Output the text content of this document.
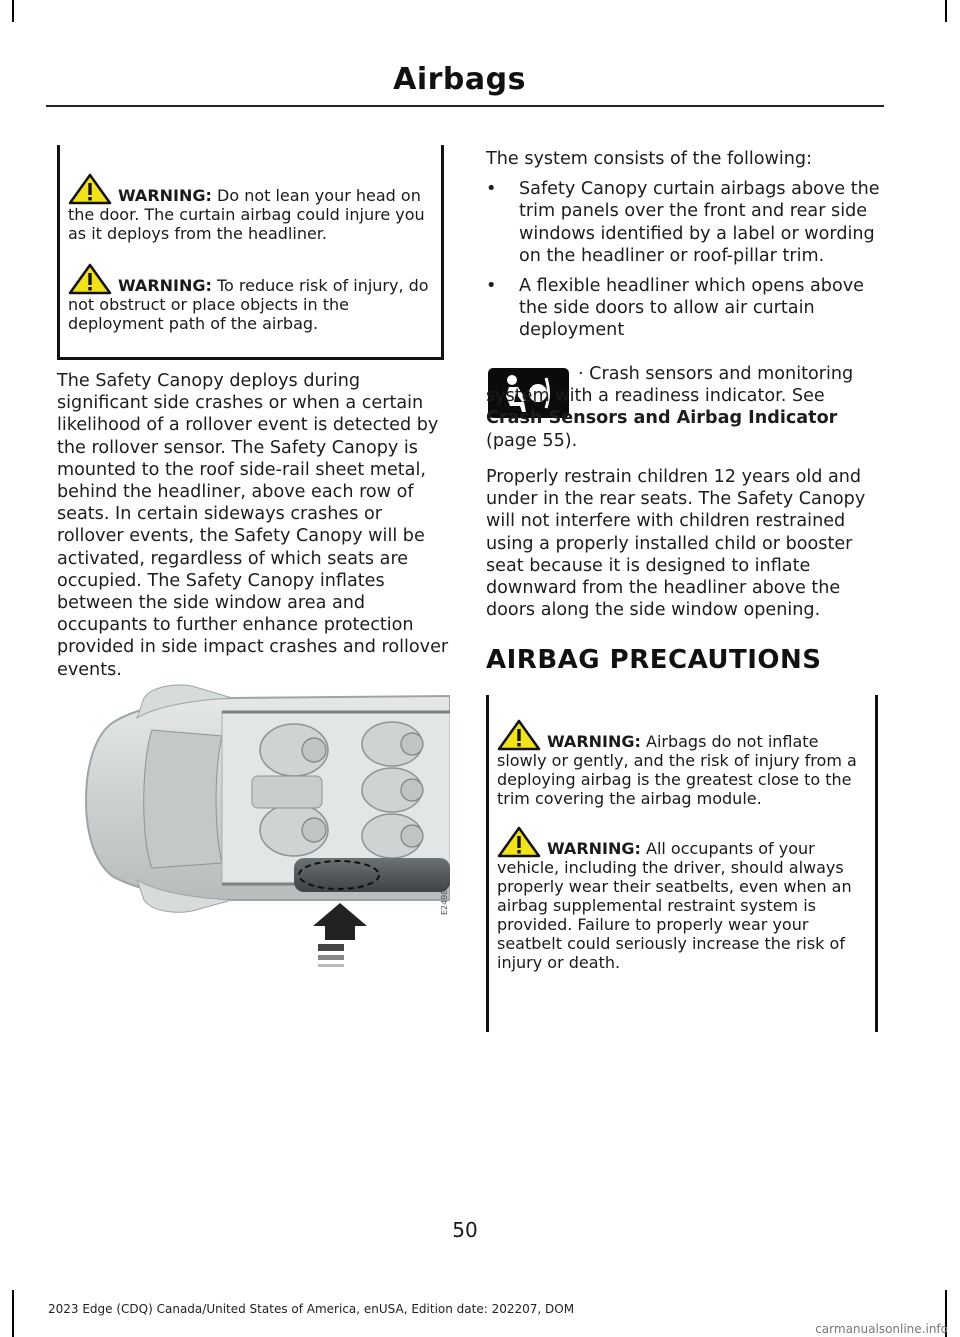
Airbags

WARNING: Do not lean your head on the door. The curtain airbag could injure you as it deploys from the headliner.

WARNING: To reduce risk of injury, do not obstruct or place objects in the deployment path of the airbag.

The Safety Canopy deploys during significant side crashes or when a certain likelihood of a rollover event is detected by the rollover sensor. The Safety Canopy is mounted to the roof side-rail sheet metal, behind the headliner, above each row of seats. In certain sideways crashes or rollover events, the Safety Canopy will be activated, regardless of which seats are occupied. The Safety Canopy inflates between the side window area and occupants to further enhance protection provided in side impact crashes and rollover events.

E249834

The system consists of the following:

• Safety Canopy curtain airbags above the trim panels over the front and rear side windows identified by a label or wording on the headliner or roof-pillar trim.
• A flexible headliner which opens above the side doors to allow air curtain deployment

· Crash sensors and monitoring system with a readiness indicator. See Crash Sensors and Airbag Indicator (page 55).

Properly restrain children 12 years old and under in the rear seats. The Safety Canopy will not interfere with children restrained using a properly installed child or booster seat because it is designed to inflate downward from the headliner above the doors along the side window opening.

AIRBAG PRECAUTIONS

WARNING: Airbags do not inflate slowly or gently, and the risk of injury from a deploying airbag is the greatest close to the trim covering the airbag module.

WARNING: All occupants of your vehicle, including the driver, should always properly wear their seatbelts, even when an airbag supplemental restraint system is provided. Failure to properly wear your seatbelt could seriously increase the risk of injury or death.

50
2023 Edge (CDQ) Canada/United States of America, enUSA, Edition date: 202207, DOM
carmanualsonline.info
